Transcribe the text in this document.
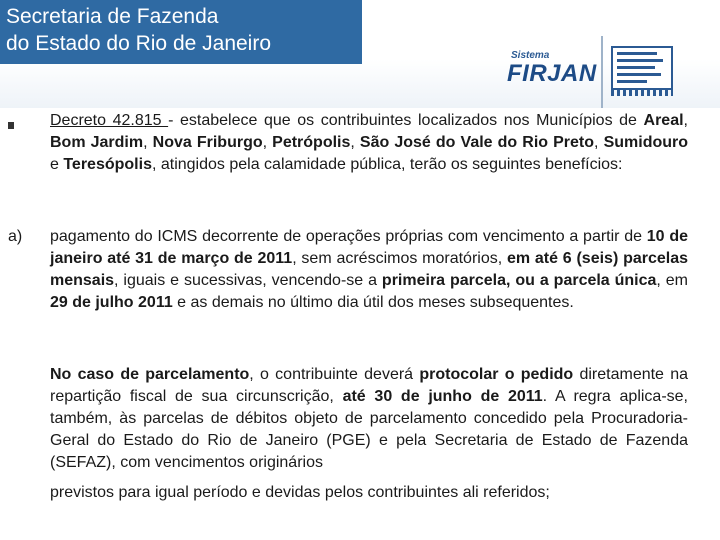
Secretaria de Fazenda
do Estado do Rio de Janeiro
Sistema
FIRJAN
Decreto 42.815 - estabelece que os contribuintes localizados nos Municípios de Areal, Bom Jardim, Nova Friburgo, Petrópolis, São José do Vale do Rio Preto, Sumidouro e Teresópolis, atingidos pela calamidade pública, terão os seguintes benefícios:
a) pagamento do ICMS decorrente de operações próprias com vencimento a partir de 10 de janeiro até 31 de março de 2011, sem acréscimos moratórios, em até 6 (seis) parcelas mensais, iguais e sucessivas, vencendo-se a primeira parcela, ou a parcela única, em 29 de julho 2011 e as demais no último dia útil dos meses subsequentes.
No caso de parcelamento, o contribuinte deverá protocolar o pedido diretamente na repartição fiscal de sua circunscrição, até 30 de junho de 2011. A regra aplica-se, também, às parcelas de débitos objeto de parcelamento concedido pela Procuradoria-Geral do Estado do Rio de Janeiro (PGE) e pela Secretaria de Estado de Fazenda (SEFAZ), com vencimentos originários
previstos para igual período e devidas pelos contribuintes ali referidos;
